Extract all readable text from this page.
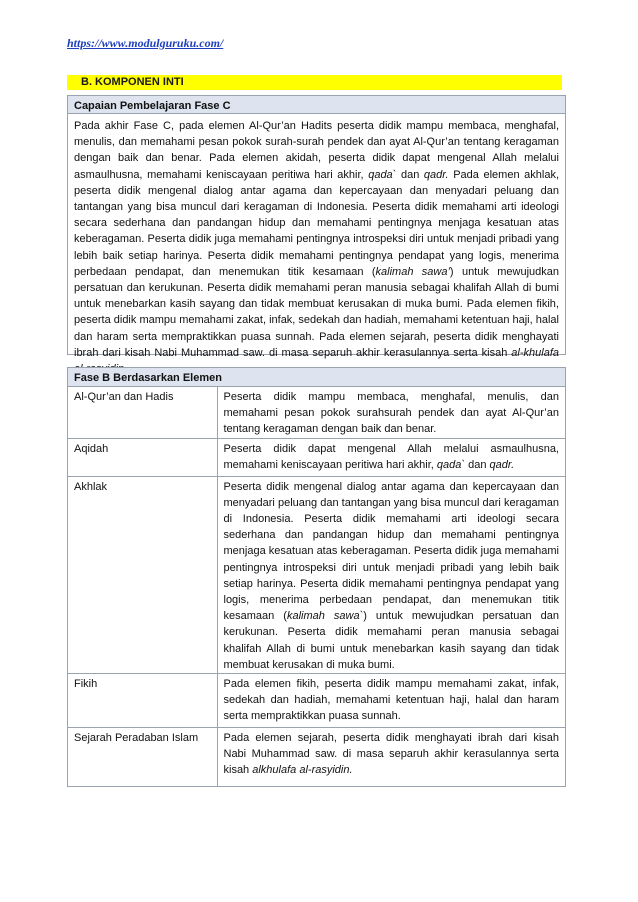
https://www.modulguruku.com/
B. KOMPONEN INTI
Capaian Pembelajaran Fase C
Pada akhir Fase C, pada elemen Al-Qur’an Hadits peserta didik mampu membaca, menghafal, menulis, dan memahami pesan pokok surah-surah pendek dan ayat Al-Qur’an tentang keragaman dengan baik dan benar. Pada elemen akidah, peserta didik dapat mengenal Allah melalui asmaulhusna, memahami keniscayaan peritiwa hari akhir, qada` dan qadr. Pada elemen akhlak, peserta didik mengenal dialog antar agama dan kepercayaan dan menyadari peluang dan tantangan yang bisa muncul dari keragaman di Indonesia. Peserta didik memahami arti ideologi secara sederhana dan pandangan hidup dan memahami pentingnya menjaga kesatuan atas keberagaman. Peserta didik juga memahami pentingnya introspeksi diri untuk menjadi pribadi yang lebih baik setiap harinya. Peserta didik memahami pentingnya pendapat yang logis, menerima perbedaan pendapat, dan menemukan titik kesamaan (kalimah sawa’) untuk mewujudkan persatuan dan kerukunan. Peserta didik memahami peran manusia sebagai khalifah Allah di bumi untuk menebarkan kasih sayang dan tidak membuat kerusakan di muka bumi. Pada elemen fikih, peserta didik mampu memahami zakat, infak, sedekah dan hadiah, memahami ketentuan haji, halal dan haram serta mempraktikkan puasa sunnah. Pada elemen sejarah, peserta didik menghayati ibrah dari kisah Nabi Muhammad saw. di masa separuh akhir kerasulannya serta kisah al-khulafa
Fase B Berdasarkan Elemen
Al-Qur’an dan Hadis	Peserta didik mampu membaca, menghafal, menulis, dan memahami pesan pokok surahsurah pendek dan ayat Al-Qur’an tentang keragaman dengan baik dan benar.
Aqidah	Peserta didik dapat mengenal Allah melalui asmaulhusna, memahami keniscayaan peritiwa hari akhir, qada` dan qadr.
Akhlak	Peserta didik mengenal dialog antar agama dan kepercayaan dan menyadari peluang dan tantangan yang bisa muncul dari keragaman di Indonesia. Peserta didik memahami arti ideologi secara sederhana dan pandangan hidup dan memahami pentingnya menjaga kesatuan atas keberagaman. Peserta didik juga memahami pentingnya introspeksi diri untuk menjadi pribadi yang lebih baik setiap harinya. Peserta didik memahami pentingnya pendapat yang logis, menerima perbedaan pendapat, dan menemukan titik kesamaan (kalimah sawa`) untuk mewujudkan persatuan dan kerukunan. Peserta didik memahami peran manusia sebagai khalifah Allah di bumi untuk menebarkan kasih sayang dan tidak membuat kerusakan di muka bumi.
Fikih	Pada elemen fikih, peserta didik mampu memahami zakat, infak, sedekah dan hadiah, memahami ketentuan haji, halal dan haram serta mempraktikkan puasa sunnah.
Sejarah Peradaban Islam	Pada elemen sejarah, peserta didik menghayati ibrah dari kisah Nabi Muhammad saw. di masa separuh akhir kerasulannya serta kisah alkhulafa al-rasyidin.
